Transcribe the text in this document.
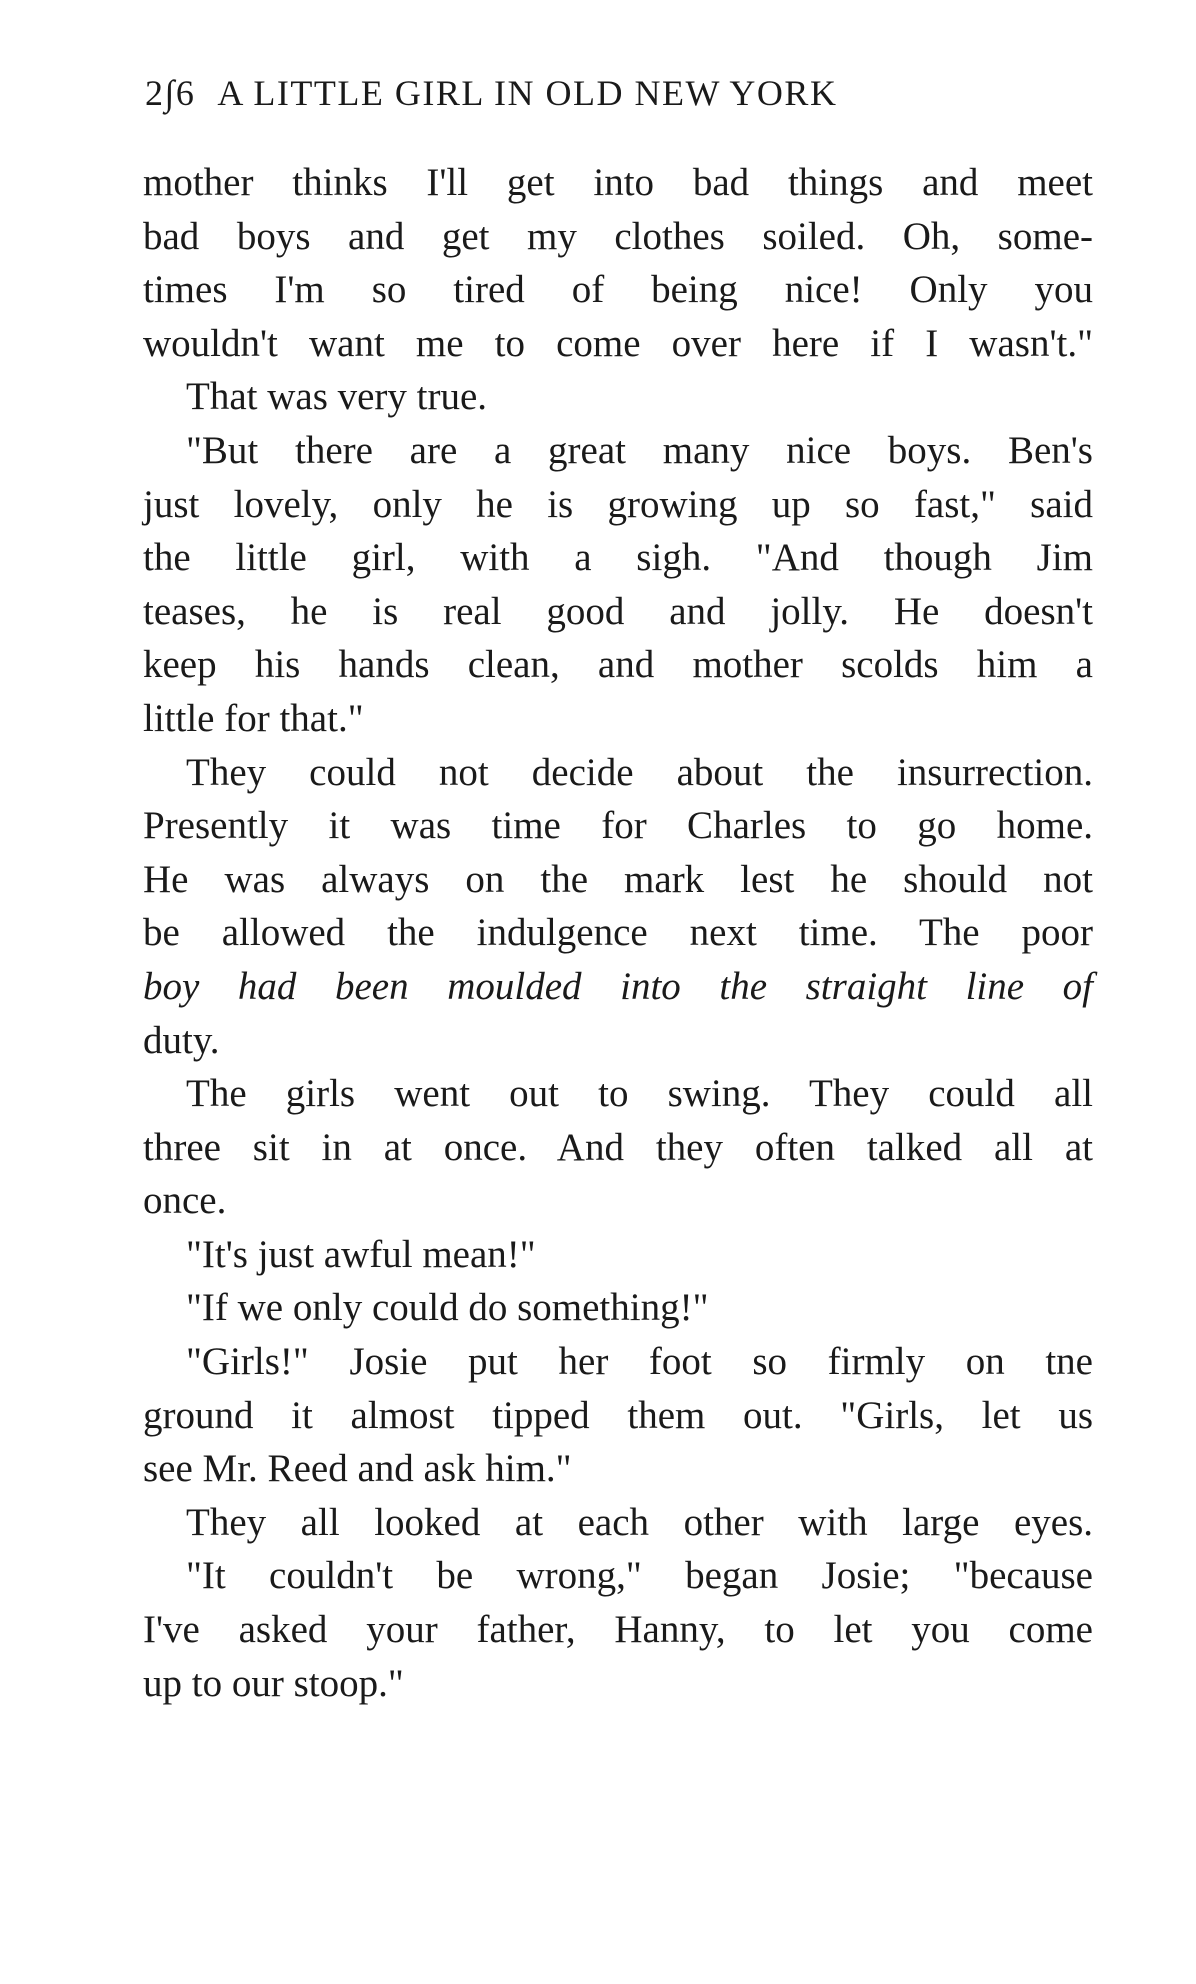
2∫6 A LITTLE GIRL IN OLD NEW YORK
mother thinks I'll get into bad things and meet
bad boys and get my clothes soiled. Oh, some-
times I'm so tired of being nice! Only you
wouldn't want me to come over here if I wasn't."
That was very true.
"But there are a great many nice boys. Ben's
just lovely, only he is growing up so fast," said
the little girl, with a sigh. "And though Jim
teases, he is real good and jolly. He doesn't
keep his hands clean, and mother scolds him a
little for that."
They could not decide about the insurrection.
Presently it was time for Charles to go home.
He was always on the mark lest he should not
be allowed the indulgence next time. The poor
boy had been moulded into the straight line of
duty.
The girls went out to swing. They could all
three sit in at once. And they often talked all at
once.
"It's just awful mean!"
"If we only could do something!"
"Girls!" Josie put her foot so firmly on tne
ground it almost tipped them out. "Girls, let us
see Mr. Reed and ask him."
They all looked at each other with large eyes.
"It couldn't be wrong," began Josie; "because
I've asked your father, Hanny, to let you come
up to our stoop."
